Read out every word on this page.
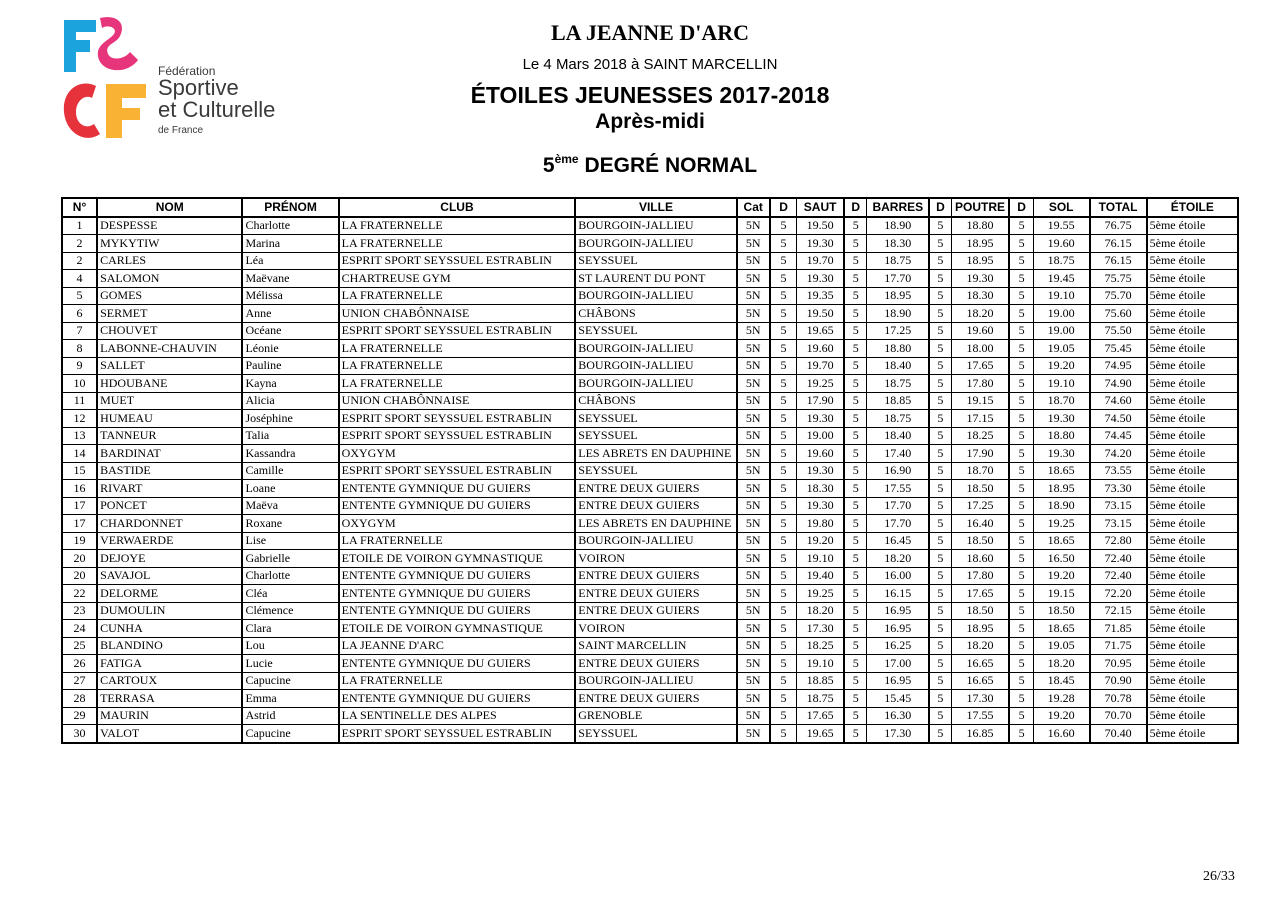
Fédération
Sportive
et Culturelle
de France
LA JEANNE D'ARC
Le 4 Mars 2018 à SAINT MARCELLIN
ÉTOILES JEUNESSES 2017-2018
Après-midi
5ème DEGRÉ NORMAL
N°	NOM	PRÉNOM	CLUB	VILLE	Cat	D	SAUT	D	BARRES	D	POUTRE	D	SOL	TOTAL	ÉTOILE
1	DESPESSE	Charlotte	LA FRATERNELLE	BOURGOIN-JALLIEU	5N	5	19.50	5	18.90	5	18.80	5	19.55	76.75	5ème étoile
2	MYKYTIW	Marina	LA FRATERNELLE	BOURGOIN-JALLIEU	5N	5	19.30	5	18.30	5	18.95	5	19.60	76.15	5ème étoile
2	CARLES	Léa	ESPRIT SPORT SEYSSUEL ESTRABLIN	SEYSSUEL	5N	5	19.70	5	18.75	5	18.95	5	18.75	76.15	5ème étoile
4	SALOMON	Maëvane	CHARTREUSE GYM	ST LAURENT DU PONT	5N	5	19.30	5	17.70	5	19.30	5	19.45	75.75	5ème étoile
5	GOMES	Mélissa	LA FRATERNELLE	BOURGOIN-JALLIEU	5N	5	19.35	5	18.95	5	18.30	5	19.10	75.70	5ème étoile
6	SERMET	Anne	UNION CHABÔNNAISE	CHÂBONS	5N	5	19.50	5	18.90	5	18.20	5	19.00	75.60	5ème étoile
7	CHOUVET	Océane	ESPRIT SPORT SEYSSUEL ESTRABLIN	SEYSSUEL	5N	5	19.65	5	17.25	5	19.60	5	19.00	75.50	5ème étoile
8	LABONNE-CHAUVIN	Léonie	LA FRATERNELLE	BOURGOIN-JALLIEU	5N	5	19.60	5	18.80	5	18.00	5	19.05	75.45	5ème étoile
9	SALLET	Pauline	LA FRATERNELLE	BOURGOIN-JALLIEU	5N	5	19.70	5	18.40	5	17.65	5	19.20	74.95	5ème étoile
10	HDOUBANE	Kayna	LA FRATERNELLE	BOURGOIN-JALLIEU	5N	5	19.25	5	18.75	5	17.80	5	19.10	74.90	5ème étoile
11	MUET	Alicia	UNION CHABÔNNAISE	CHÂBONS	5N	5	17.90	5	18.85	5	19.15	5	18.70	74.60	5ème étoile
12	HUMEAU	Joséphine	ESPRIT SPORT SEYSSUEL ESTRABLIN	SEYSSUEL	5N	5	19.30	5	18.75	5	17.15	5	19.30	74.50	5ème étoile
13	TANNEUR	Talia	ESPRIT SPORT SEYSSUEL ESTRABLIN	SEYSSUEL	5N	5	19.00	5	18.40	5	18.25	5	18.80	74.45	5ème étoile
14	BARDINAT	Kassandra	OXYGYM	LES ABRETS EN DAUPHINE	5N	5	19.60	5	17.40	5	17.90	5	19.30	74.20	5ème étoile
15	BASTIDE	Camille	ESPRIT SPORT SEYSSUEL ESTRABLIN	SEYSSUEL	5N	5	19.30	5	16.90	5	18.70	5	18.65	73.55	5ème étoile
16	RIVART	Loane	ENTENTE GYMNIQUE DU GUIERS	ENTRE DEUX GUIERS	5N	5	18.30	5	17.55	5	18.50	5	18.95	73.30	5ème étoile
17	PONCET	Maëva	ENTENTE GYMNIQUE DU GUIERS	ENTRE DEUX GUIERS	5N	5	19.30	5	17.70	5	17.25	5	18.90	73.15	5ème étoile
17	CHARDONNET	Roxane	OXYGYM	LES ABRETS EN DAUPHINE	5N	5	19.80	5	17.70	5	16.40	5	19.25	73.15	5ème étoile
19	VERWAERDE	Lise	LA FRATERNELLE	BOURGOIN-JALLIEU	5N	5	19.20	5	16.45	5	18.50	5	18.65	72.80	5ème étoile
20	DEJOYE	Gabrielle	ETOILE DE VOIRON GYMNASTIQUE	VOIRON	5N	5	19.10	5	18.20	5	18.60	5	16.50	72.40	5ème étoile
20	SAVAJOL	Charlotte	ENTENTE GYMNIQUE DU GUIERS	ENTRE DEUX GUIERS	5N	5	19.40	5	16.00	5	17.80	5	19.20	72.40	5ème étoile
22	DELORME	Cléa	ENTENTE GYMNIQUE DU GUIERS	ENTRE DEUX GUIERS	5N	5	19.25	5	16.15	5	17.65	5	19.15	72.20	5ème étoile
23	DUMOULIN	Clémence	ENTENTE GYMNIQUE DU GUIERS	ENTRE DEUX GUIERS	5N	5	18.20	5	16.95	5	18.50	5	18.50	72.15	5ème étoile
24	CUNHA	Clara	ETOILE DE VOIRON GYMNASTIQUE	VOIRON	5N	5	17.30	5	16.95	5	18.95	5	18.65	71.85	5ème étoile
25	BLANDINO	Lou	LA JEANNE D'ARC	SAINT MARCELLIN	5N	5	18.25	5	16.25	5	18.20	5	19.05	71.75	5ème étoile
26	FATIGA	Lucie	ENTENTE GYMNIQUE DU GUIERS	ENTRE DEUX GUIERS	5N	5	19.10	5	17.00	5	16.65	5	18.20	70.95	5ème étoile
27	CARTOUX	Capucine	LA FRATERNELLE	BOURGOIN-JALLIEU	5N	5	18.85	5	16.95	5	16.65	5	18.45	70.90	5ème étoile
28	TERRASA	Emma	ENTENTE GYMNIQUE DU GUIERS	ENTRE DEUX GUIERS	5N	5	18.75	5	15.45	5	17.30	5	19.28	70.78	5ème étoile
29	MAURIN	Astrid	LA SENTINELLE DES ALPES	GRENOBLE	5N	5	17.65	5	16.30	5	17.55	5	19.20	70.70	5ème étoile
30	VALOT	Capucine	ESPRIT SPORT SEYSSUEL ESTRABLIN	SEYSSUEL	5N	5	19.65	5	17.30	5	16.85	5	16.60	70.40	5ème étoile
26/33
